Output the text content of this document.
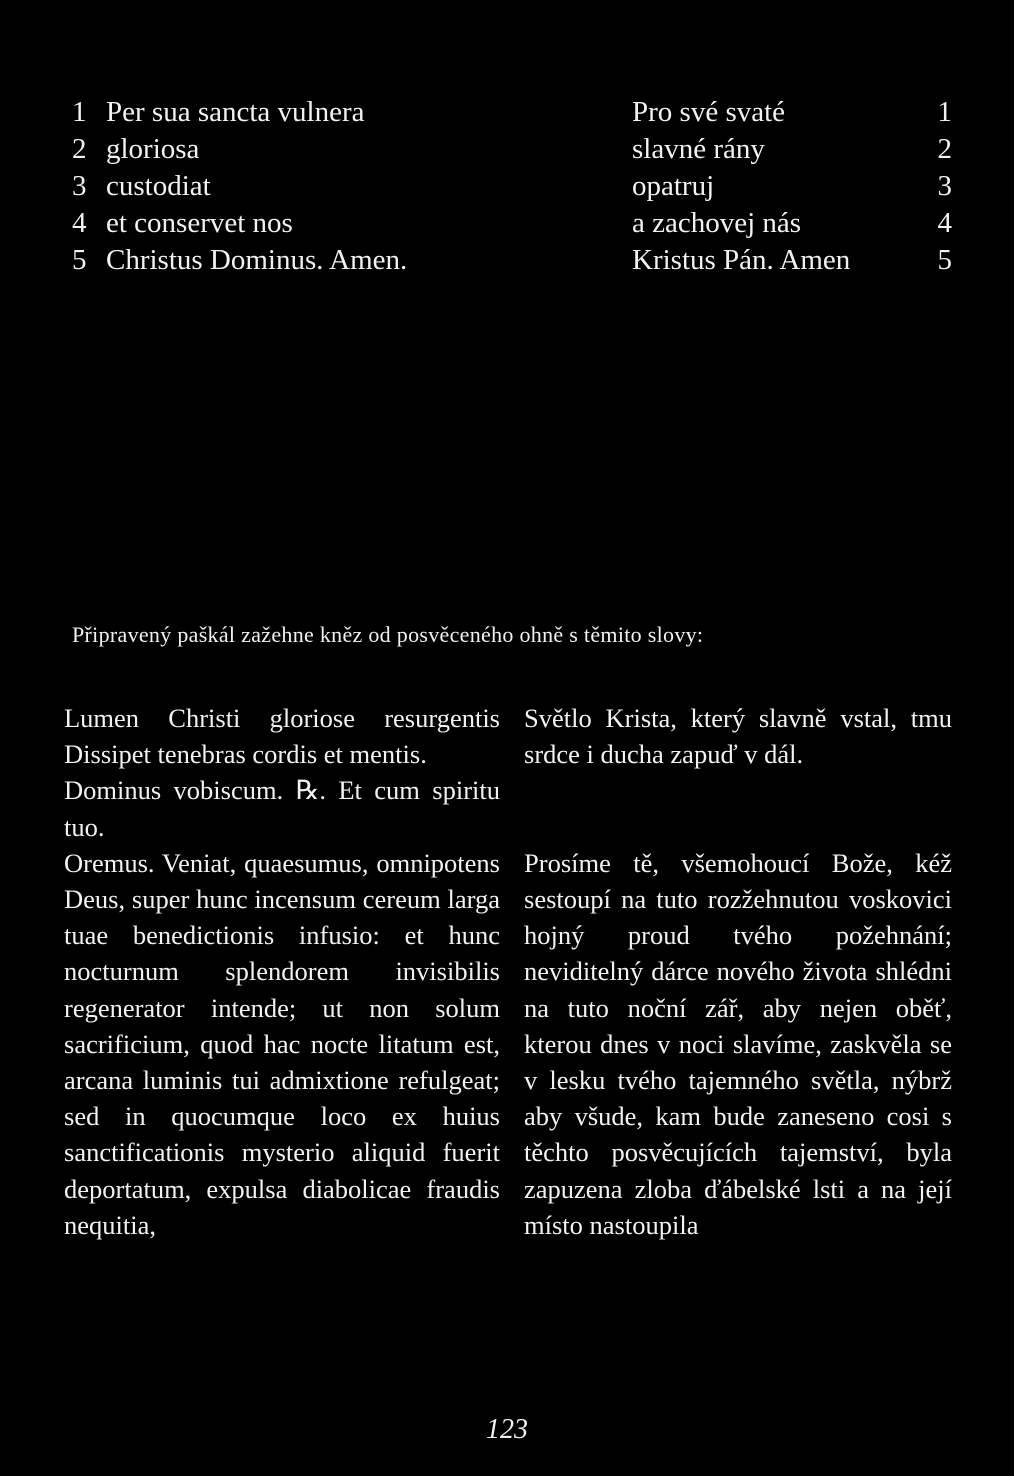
1 Per sua sancta vulnera	Pro své svaté	1
2 gloriosa	slavné rány	2
3 custodiat	opatruj	3
4 et conservet nos	a zachovej nás	4
5 Christus Dominus. Amen.	Kristus Pán. Amen	5
Připravený paškál zažehne kněz od posvěceného ohně s těmito slovy:

Lumen Christi gloriose resurgentis Dissipet tenebras cordis et mentis.

Dominus vobiscum. ℞. Et cum spiritu tuo.

Oremus. Veniat, quaesumus, omnipotens Deus, super hunc incensum cereum larga tuae benedictionis infusio: et hunc nocturnum splendorem invisibilis regenerator intende; ut non solum sacrificium, quod hac nocte litatum est, arcana luminis tui admixtione refulgeat; sed in quocumque loco ex huius sanctificationis mysterio aliquid fuerit deportatum, expulsa diabolicae fraudis nequitia,

Světlo Krista, který slavně vstal, tmu srdce i ducha zapuď v dál.

Prosíme tě, všemohoucí Bože, kéž sestoupí na tuto rozžehnutou voskovici hojný proud tvého požehnání; neviditelný dárce nového života shlédni na tuto noční zář, aby nejen oběť, kterou dnes v noci slavíme, zaskvěla se v lesku tvého tajemného světla, nýbrž aby všude, kam bude zaneseno cosi s těchto posvěcujících tajemství, byla zapuzena zloba ďábelské lsti a na její místo nastoupila

123
